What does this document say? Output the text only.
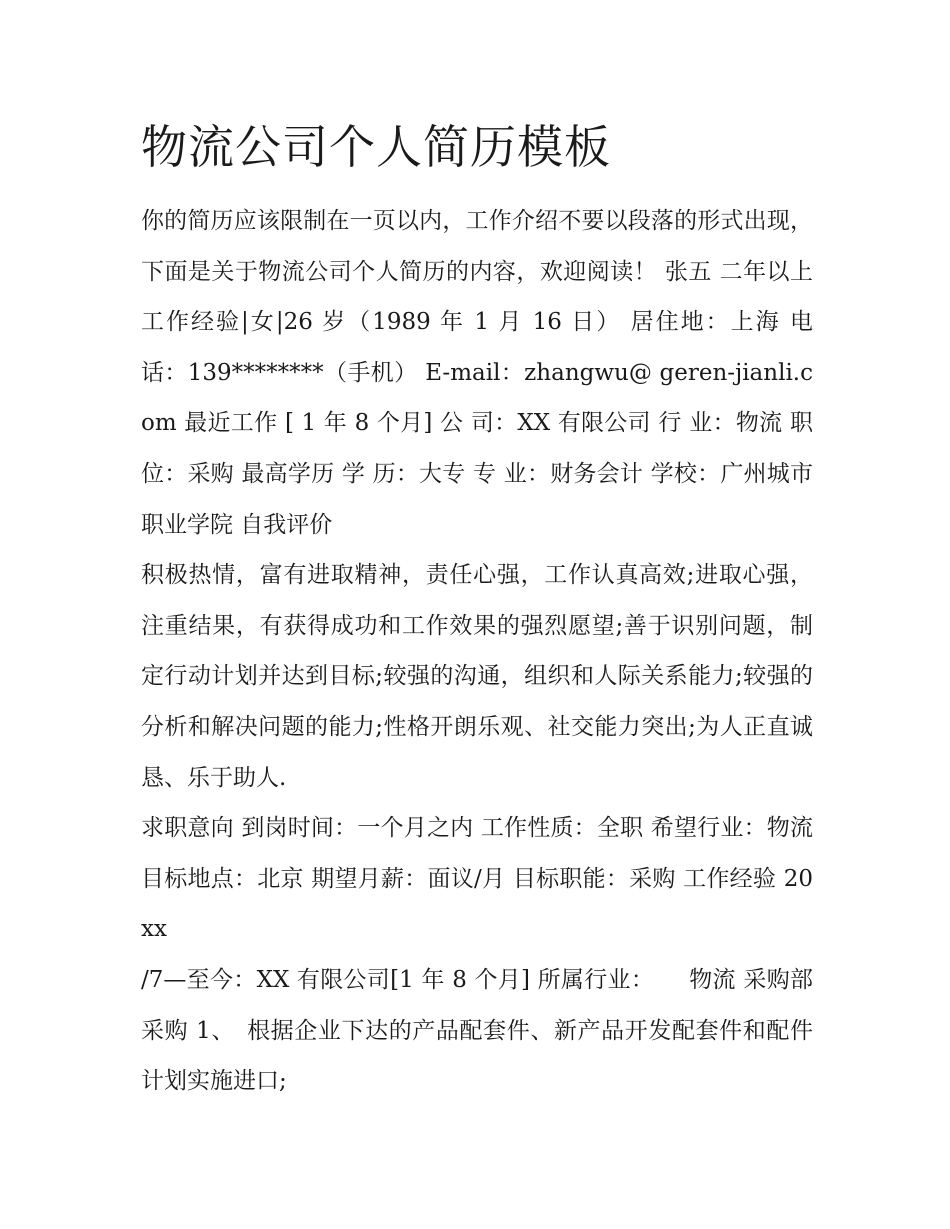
物流公司个人简历模板

你的简历应该限制在一页以内，工作介绍不要以段落的形式出现，下面是关于物流公司个人简历的内容，欢迎阅读！ 张五 二年以上工作经验|女|26 岁（1989 年 1 月 16 日） 居住地：上海 电 话：139********（手机） E-mail：zhangwu@ geren-jianli.com 最近工作 [ 1 年 8 个月] 公 司：XX 有限公司 行 业：物流 职 位：采购 最高学历 学 历：大专 专 业：财务会计 学校：广州城市职业学院 自我评价

积极热情，富有进取精神，责任心强，工作认真高效;进取心强，注重结果，有获得成功和工作效果的强烈愿望;善于识别问题，制定行动计划并达到目标;较强的沟通，组织和人际关系能力;较强的分析和解决问题的能力;性格开朗乐观、社交能力突出;为人正直诚恳、乐于助人.

求职意向 到岗时间：一个月之内 工作性质：全职 希望行业：物流 目标地点：北京 期望月薪：面议/月 目标职能：采购 工作经验 20xx

/7—至今：XX 有限公司[1 年 8 个月] 所属行业：　　物流 采购部　采购 1、　根据企业下达的产品配套件、新产品开发配套件和配件计划实施进口;
